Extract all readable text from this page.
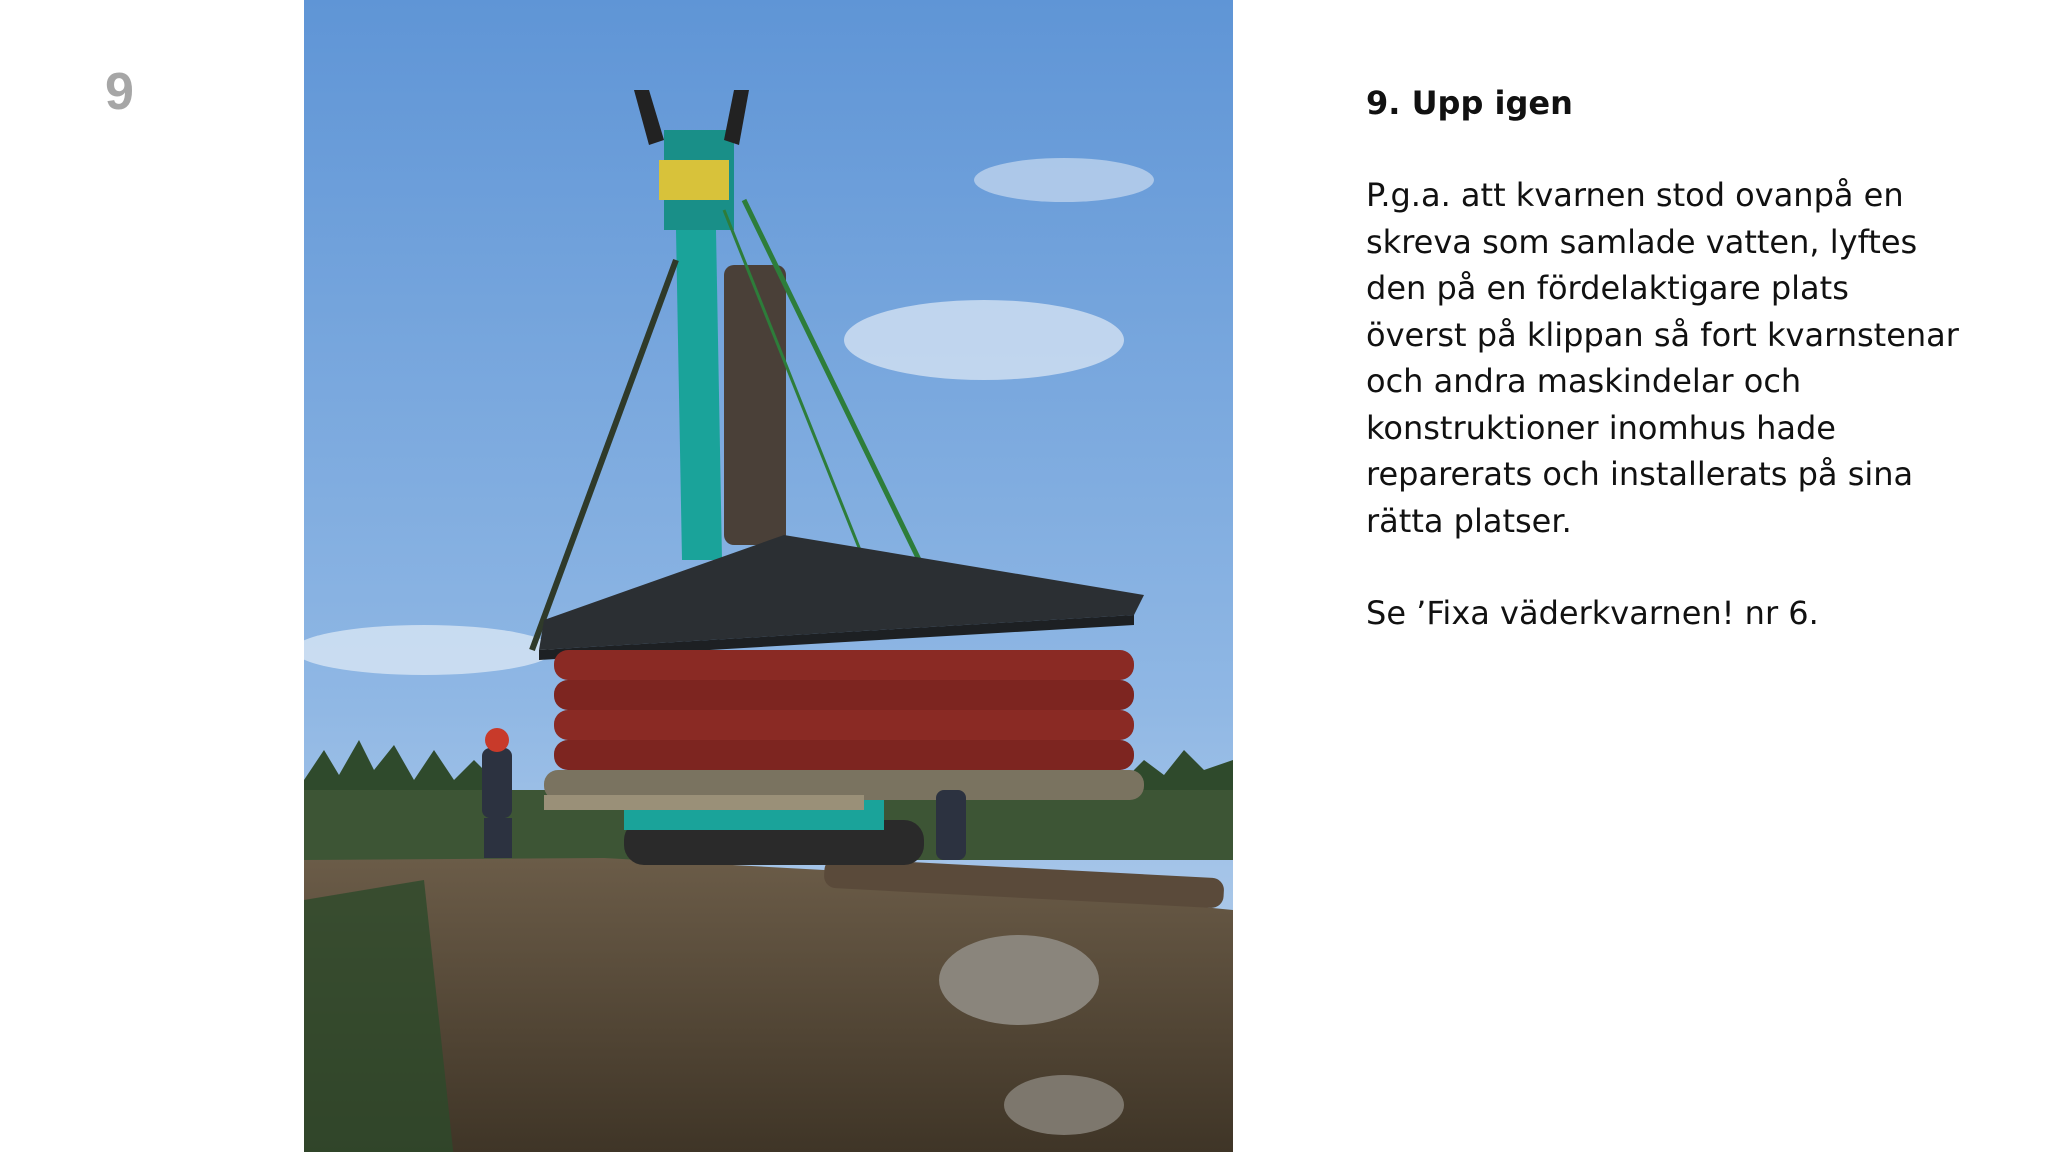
9	9. Upp igen
P.g.a. att kvarnen stod ovanpå en
skreva som samlade vatten, lyftes
den på en fördelaktigare plats
överst på klippan så fort kvarnstenar
och andra maskindelar och
konstruktioner inomhus hade
reparerats och installerats på sina
rätta platser.
Se ’Fixa väderkvarnen! nr 6.
